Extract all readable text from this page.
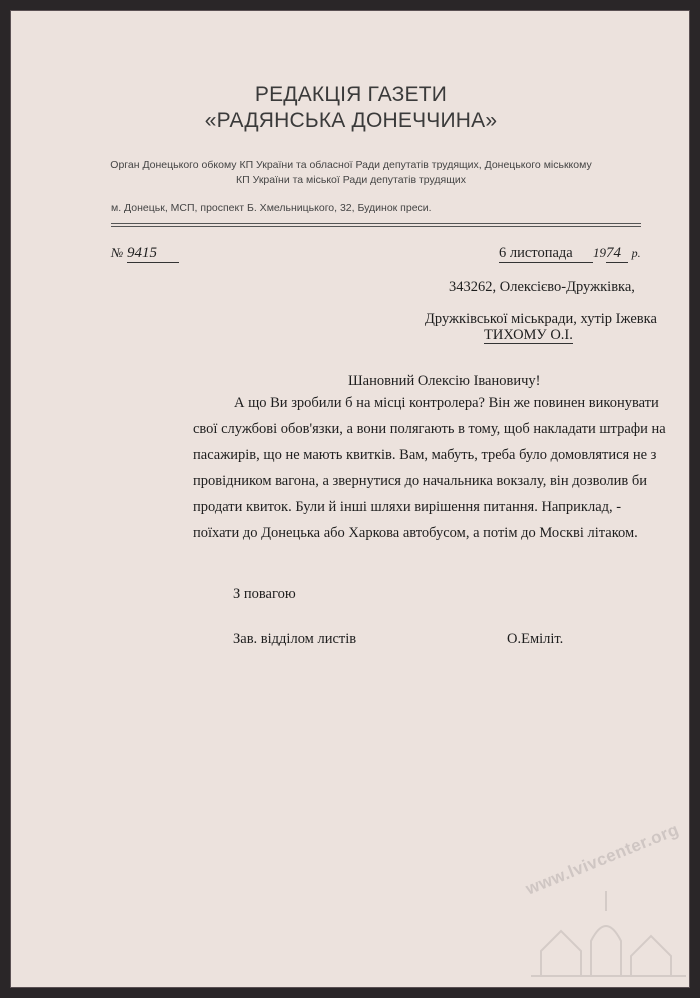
РЕДАКЦІЯ ГАЗЕТИ
«РАДЯНСЬКА ДОНЕЧЧИНА»
Орган Донецького обкому КП України та обласної Ради депутатів трудящих, Донецького міськкому
КП України та міської Ради депутатів трудящих
м. Донецьк, МСП, проспект Б. Хмельницького, 32, Будинок преси.
№ 9415	6 листопада 1974 р.
343262, Олексієво-Дружківка,
Дружківської міськради, хутір Іжевка
ТИХОМУ О.І.
Шановний Олексію Івановичу!
А що Ви зробили б на місці контролера? Він же повинен виконувати
свої службові обов'язки, а вони полягають в тому, щоб накладати штрафи на
пасажирів, що не мають квитків. Вам, мабуть, треба було домовлятися не з
провідником вагона, а звернутися до начальника вокзалу, він дозволив би
продати квиток. Були й інші шляхи вирішення питання. Наприклад, -
поїхати до Донецька або Харкова автобусом, а потім до Москві літаком.
З повагою
Зав. відділом листів	О.Еміліт.
www.lvivcenter.org
